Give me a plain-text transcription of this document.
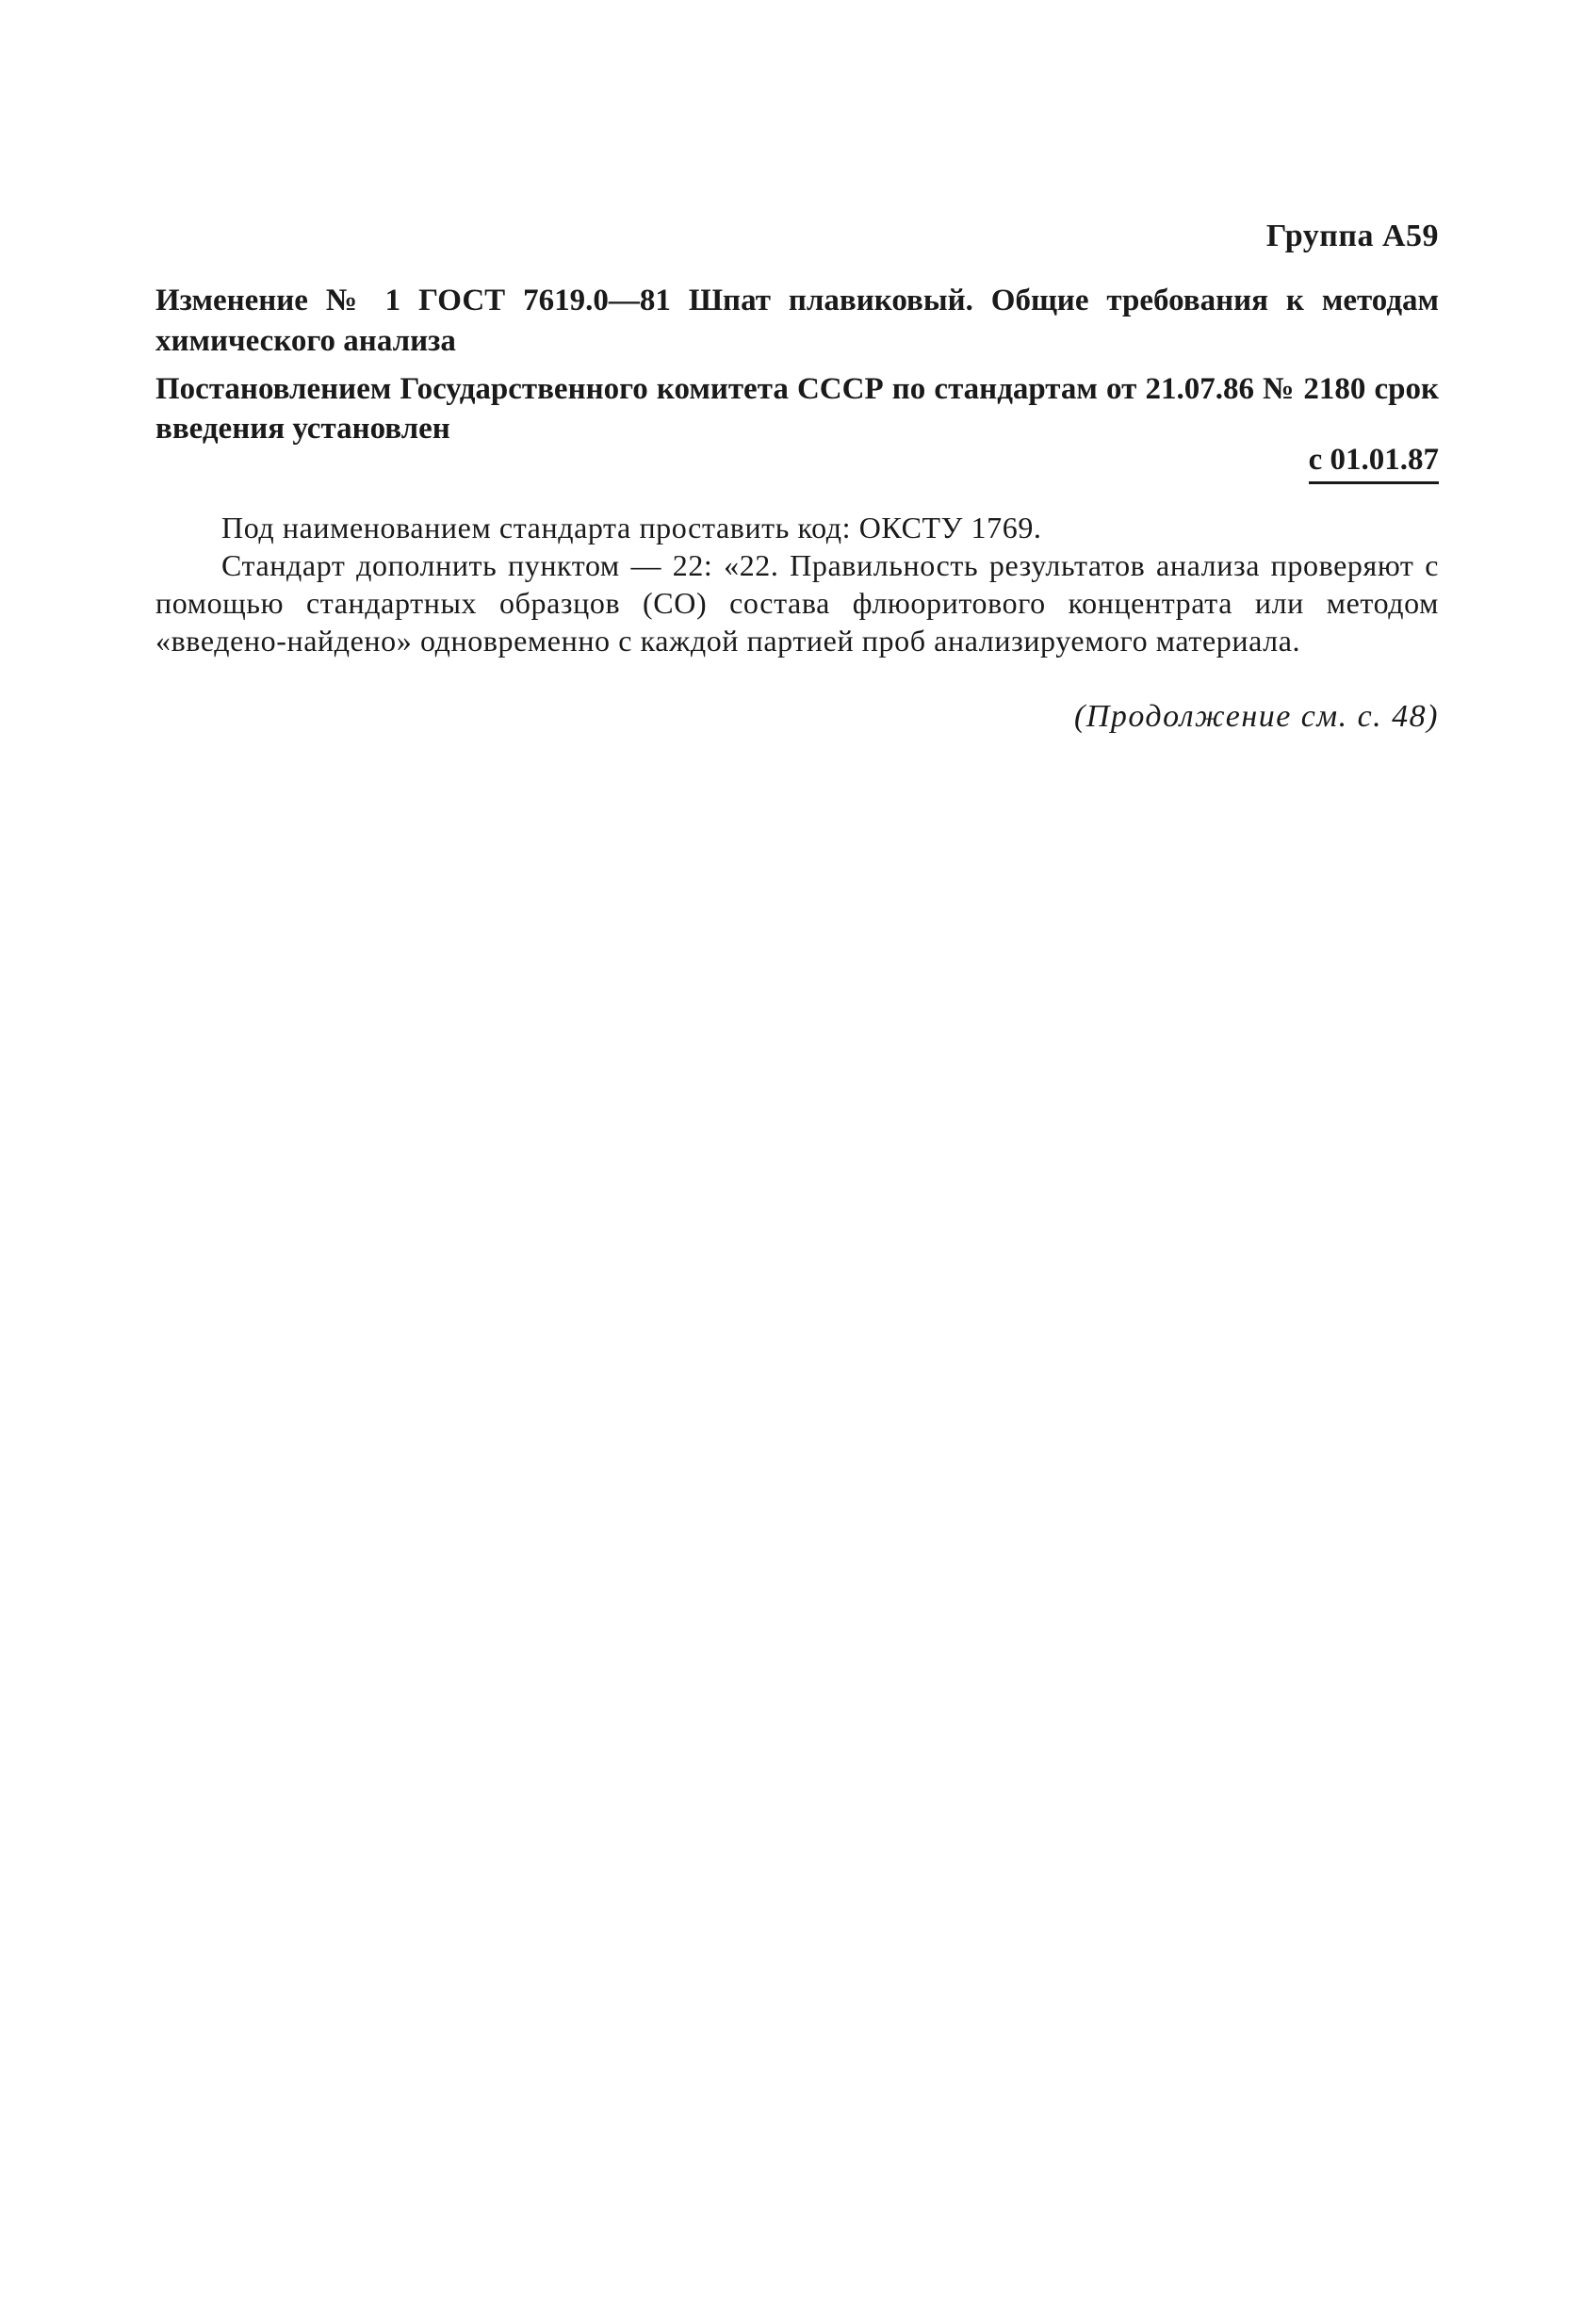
Группа А59
Изменение № 1 ГОСТ 7619.0—81 Шпат плавиковый. Общие требования к методам химического анализа
Постановлением Государственного комитета СССР по стандартам от 21.07.86 № 2180 срок введения установлен
с 01.01.87

Под наименованием стандарта проставить код: ОКСТУ 1769.

Стандарт дополнить пунктом — 22: «22. Правильность результатов анализа проверяют с помощью стандартных образцов (СО) состава флюоритового концентрата или методом «введено-найдено» одновременно с каждой партией проб анализируемого материала.

(Продолжение см. с. 48)
